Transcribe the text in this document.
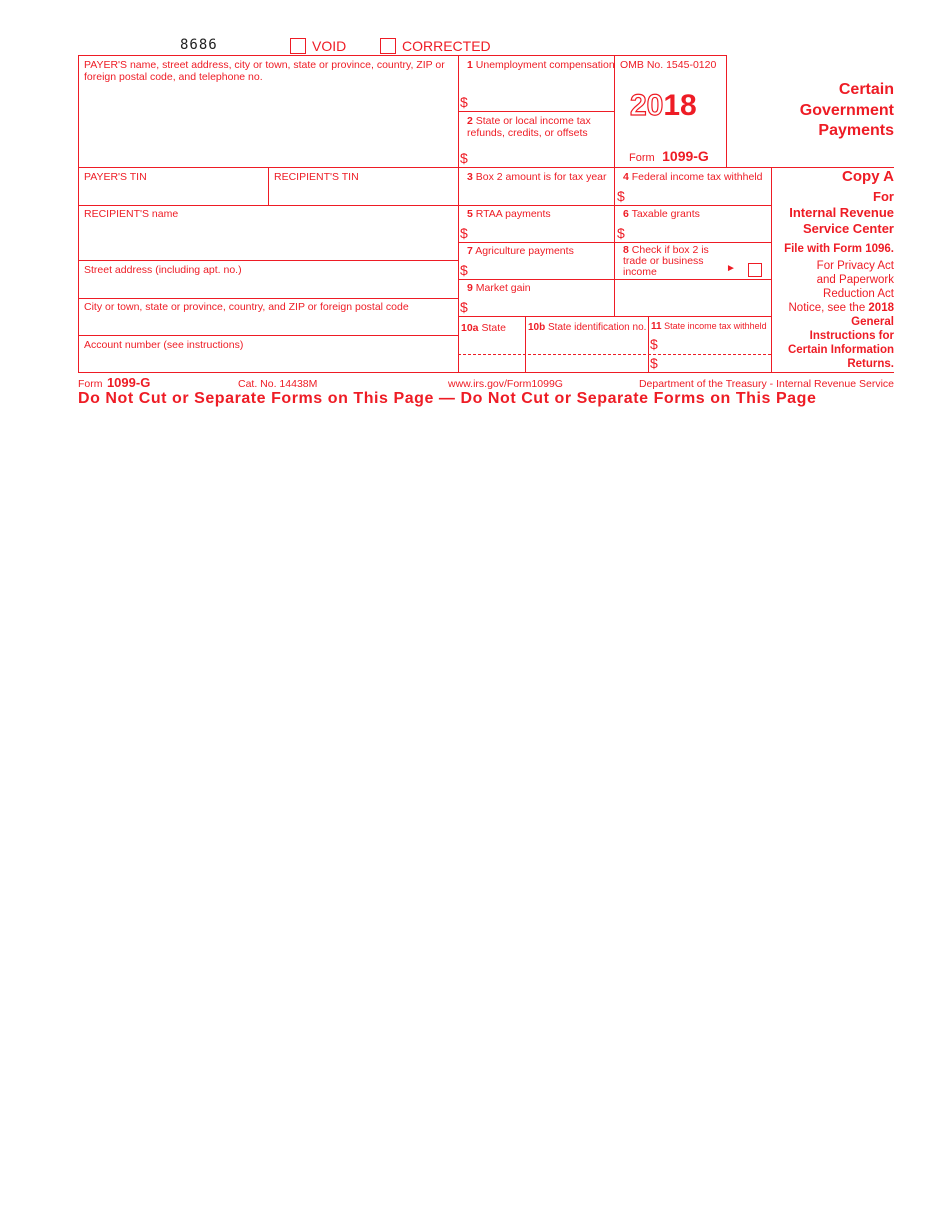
8686	VOID	CORRECTED
PAYER'S name, street address, city or town, state or province, country, ZIP or foreign postal code, and telephone no.
PAYER'S TIN	RECIPIENT'S TIN
RECIPIENT'S name
Street address (including apt. no.)
City or town, state or province, country, and ZIP or foreign postal code
Account number (see instructions)
1 Unemployment compensation
$
2 State or local income tax refunds, credits, or offsets
$
OMB No. 1545-0120
2018
Form 1099-G
Certain
Government
Payments
3 Box 2 amount is for tax year 4 Federal income tax withheld
$
5 RTAA payments
$
6 Taxable grants
$
7 Agriculture payments
$
8 Check if box 2 is trade or business income	►
9 Market gain
$
10a State 10b State identification no. 11 State income tax withheld
$
$
Copy A
For
Internal Revenue
Service Center
File with Form 1096.
For Privacy Act
and Paperwork
Reduction Act
Notice, see the 2018
General
Instructions for
Certain Information
Returns.
Form 1099-G	Cat. No. 14438M	www.irs.gov/Form1099G	Department of the Treasury - Internal Revenue Service
Do Not Cut or Separate Forms on This Page — Do Not Cut or Separate Forms on This Page
